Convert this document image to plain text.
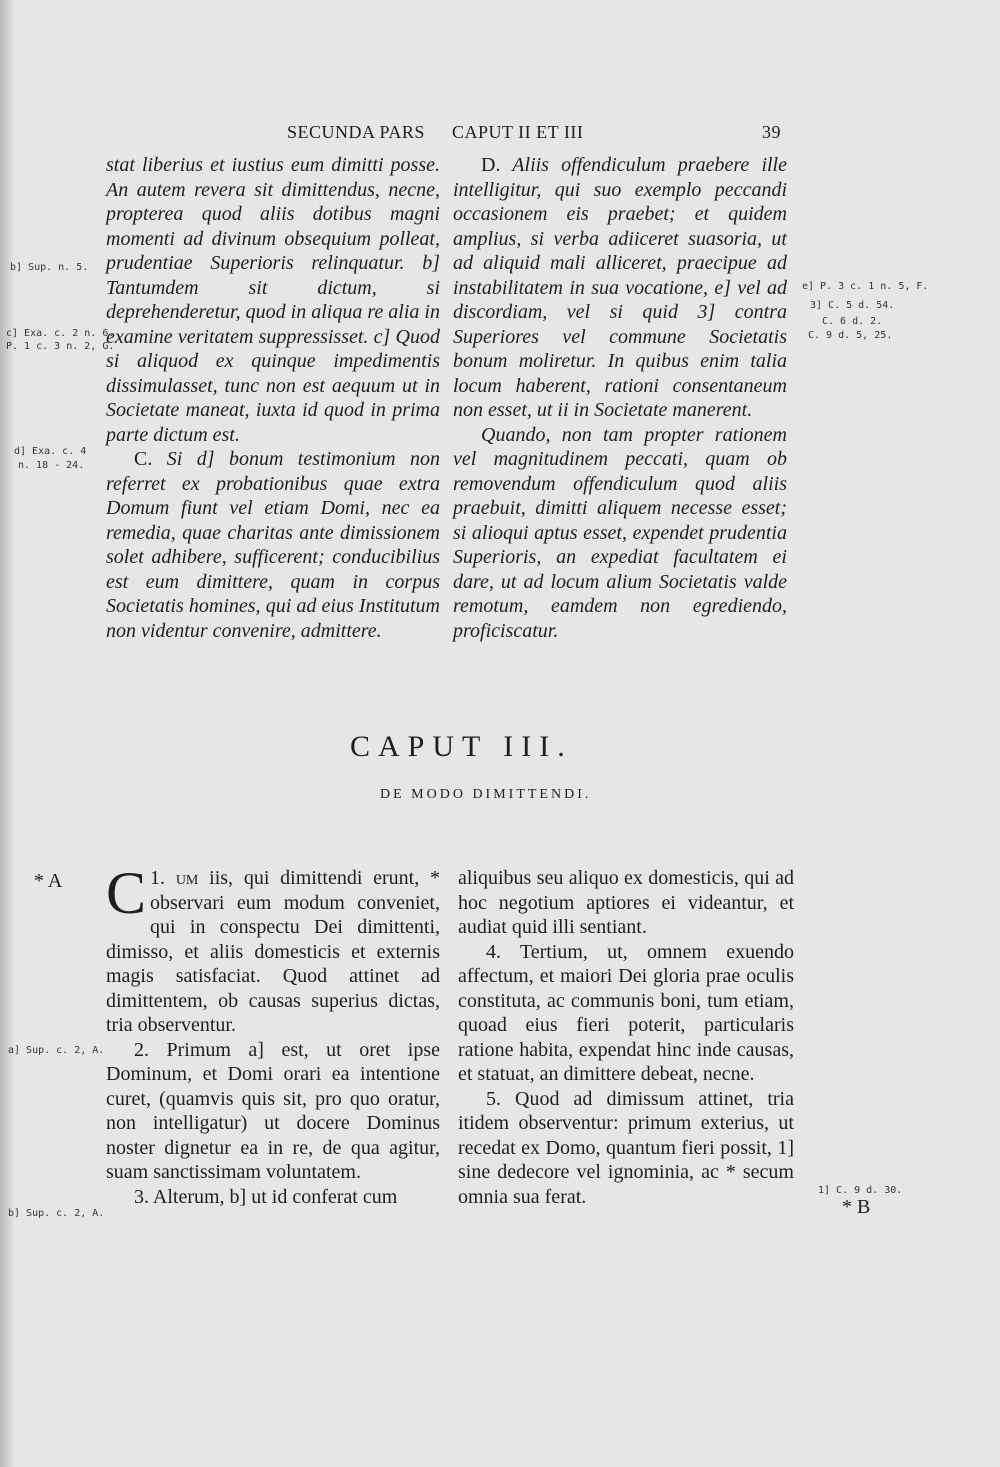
SECUNDA PARS CAPUT II ET III	39
stat liberius et iustius eum dimitti posse. An autem revera sit dimittendus, necne, propterea quod aliis dotibus magni momenti ad divinum obsequium polleat, prudentiae Superioris relinquatur. b] Tantumdem sit dictum, si deprehenderetur, quod in aliqua re alia in examine veritatem suppressisset. c] Quod si aliquod ex quinque impedimentis dissimulasset, tunc non est aequum ut in Societate maneat, iuxta id quod in prima parte dictum est.
C. Si d] bonum testimonium non referret ex probationibus quae extra Domum fiunt vel etiam Domi, nec ea remedia, quae charitas ante dimissionem solet adhibere, sufficerent; conducibilius est eum dimittere, quam in corpus Societatis homines, qui ad eius Institutum non videntur convenire, admittere.
D. Aliis offendiculum praebere ille intelligitur, qui suo exemplo peccandi occasionem eis praebet; et quidem amplius, si verba adiiceret suasoria, ut ad aliquid mali alliceret, praecipue ad instabilitatem in sua vocatione, e] vel ad discordiam, vel si quid 3] contra Superiores vel commune Societatis bonum moliretur. In quibus enim talia locum haberent, rationi consentaneum non esset, ut ii in Societate manerent.
Quando, non tam propter rationem vel magnitudinem peccati, quam ob removendum offendiculum quod aliis praebuit, dimitti aliquem necesse esset; si alioqui aptus esset, expendet prudentia Superioris, an expediat facultatem ei dare, ut ad locum alium Societatis valde remotum, eamdem non egrediendo, proficiscatur.
CAPUT III.
DE MODO DIMITTENDI.
1.
C um iis, qui dimittendi erunt, * observari eum modum conveniet, qui in conspectu Dei dimittenti, dimisso, et aliis domesticis et externis magis satisfaciat. Quod attinet ad dimittentem, ob causas superius dictas, tria observentur.
2. Primum a] est, ut oret ipse Dominum, et Domi orari ea intentione curet, (quamvis quis sit, pro quo oratur, non intelligatur) ut docere Dominus noster dignetur ea in re, de qua agitur, suam sanctissimam voluntatem.
3. Alterum, b] ut id conferat cum
aliquibus seu aliquo ex domesticis, qui ad hoc negotium aptiores ei videantur, et audiat quid illi sentiant.
4. Tertium, ut, omnem exuendo affectum, et maiori Dei gloria prae oculis constituta, ac communis boni, tum etiam, quoad eius fieri poterit, particularis ratione habita, expendat hinc inde causas, et statuat, an dimittere debeat, necne.
5. Quod ad dimissum attinet, tria itidem observentur: primum exterius, ut recedat ex Domo, quantum fieri possit, 1] sine dedecore vel ignominia, ac * secum omnia sua ferat.
b] Sup. n. 5.
c] Exa. c. 2 n. 6.
P. 1 c. 3 n. 2, G.
d] Exa. c. 4
n. 18 - 24.
* A
a] Sup. c. 2, A.
b] Sup. c. 2, A.
e] P. 3 c. 1 n. 5, F.
3] C. 5 d. 54.
C. 6 d. 2.
C. 9 d. 5, 25.
1] C. 9 d. 30.
* B
